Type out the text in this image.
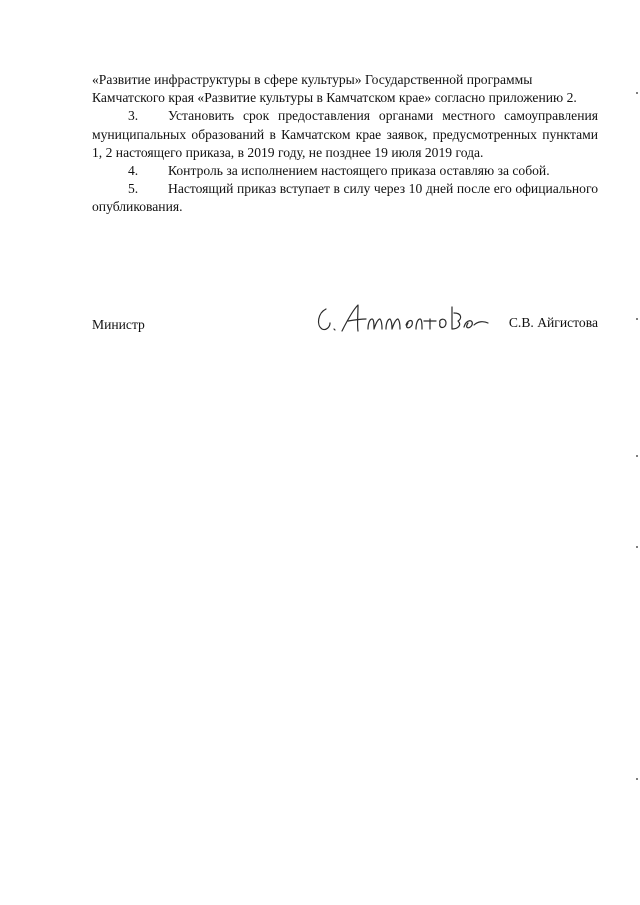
«Развитие инфраструктуры в сфере культуры» Государственной программы Камчатского края «Развитие культуры в Камчатском крае» согласно приложению 2.

3. Установить срок предоставления органами местного самоуправления муниципальных образований в Камчатском крае заявок, предусмотренных пунктами 1, 2 настоящего приказа, в 2019 году, не позднее 19 июля 2019 года.

4. Контроль за исполнением настоящего приказа оставляю за собой.

5. Настоящий приказ вступает в силу через 10 дней после его официального опубликования.

Министр	С.В. Айгистова
